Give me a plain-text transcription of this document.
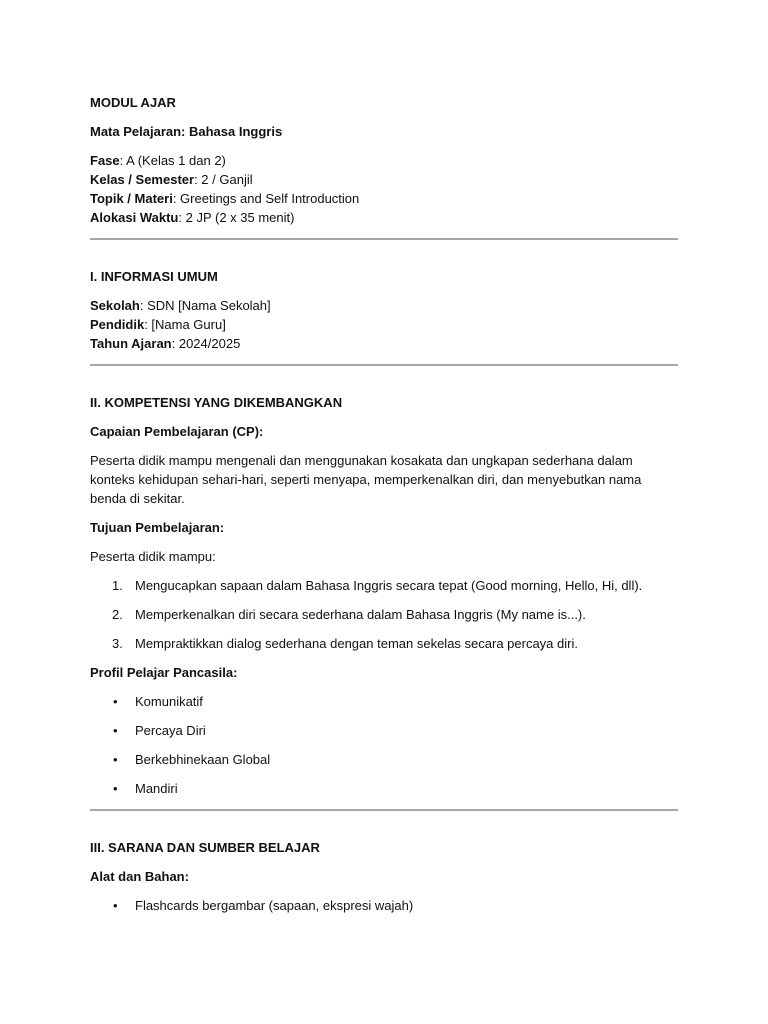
MODUL AJAR

Mata Pelajaran: Bahasa Inggris

Fase: A (Kelas 1 dan 2)

Kelas / Semester: 2 / Ganjil

Topik / Materi: Greetings and Self Introduction

Alokasi Waktu: 2 JP (2 x 35 menit)

I. INFORMASI UMUM

Sekolah: SDN [Nama Sekolah]

Pendidik: [Nama Guru]

Tahun Ajaran: 2024/2025

II. KOMPETENSI YANG DIKEMBANGKAN

Capaian Pembelajaran (CP):

Peserta didik mampu mengenali dan menggunakan kosakata dan ungkapan sederhana dalam konteks kehidupan sehari-hari, seperti menyapa, memperkenalkan diri, dan menyebutkan nama benda di sekitar.

Tujuan Pembelajaran:

Peserta didik mampu:

1. Mengucapkan sapaan dalam Bahasa Inggris secara tepat (Good morning, Hello, Hi, dll).
2. Memperkenalkan diri secara sederhana dalam Bahasa Inggris (My name is...).
3. Mempraktikkan dialog sederhana dengan teman sekelas secara percaya diri.

Profil Pelajar Pancasila:

• Komunikatif
• Percaya Diri
• Berkebhinekaan Global
• Mandiri

III. SARANA DAN SUMBER BELAJAR

Alat dan Bahan:

• Flashcards bergambar (sapaan, ekspresi wajah)
